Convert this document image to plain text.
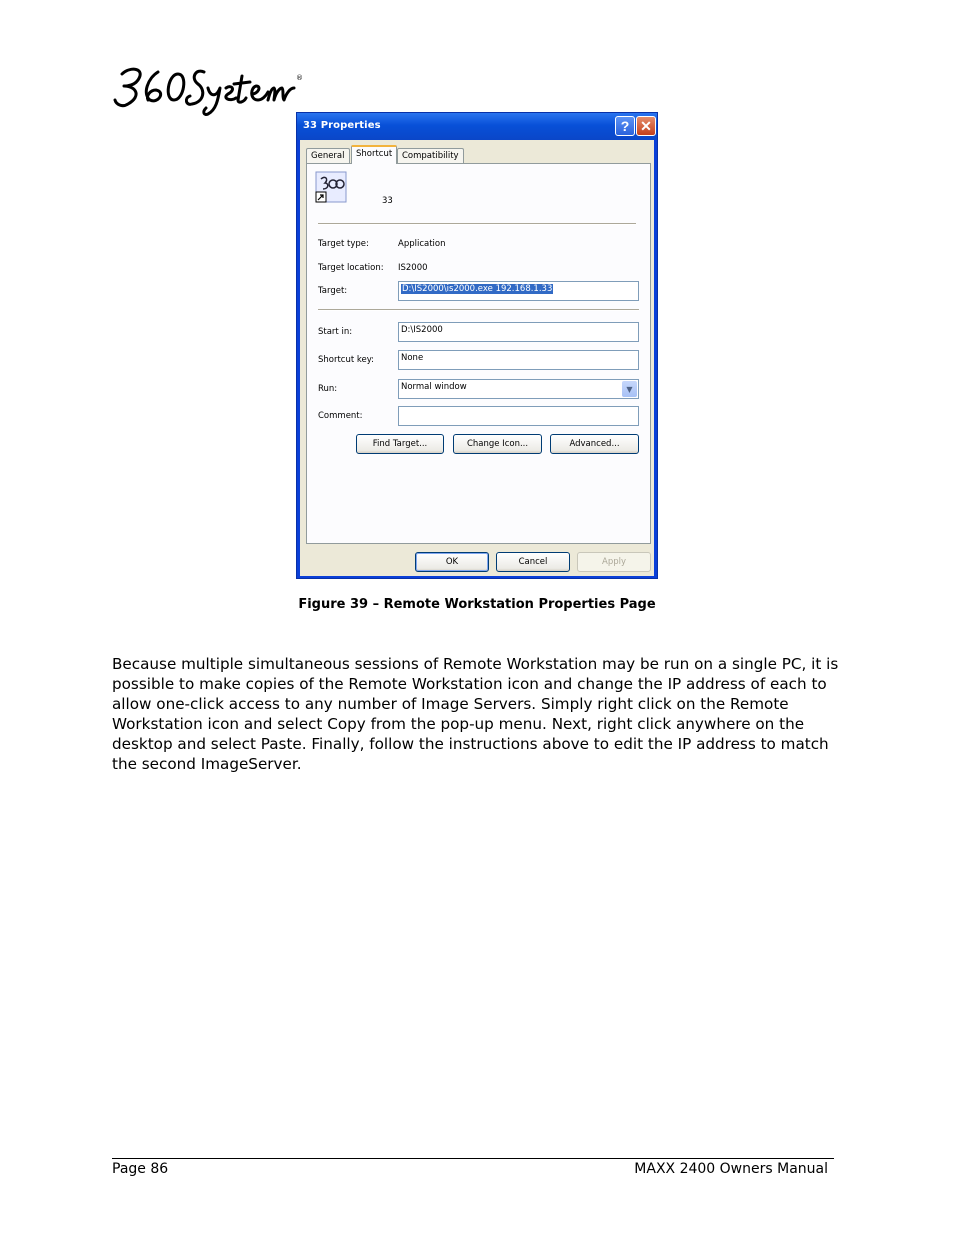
®
33 Properties	? ✕
General	Shortcut	Compatibility
33
Target type:	Application
Target location: IS2000
Target:	D:\IS2000\is2000.exe 192.168.1.33
Start in:	D:\IS2000
Shortcut key:	None
Run:	Normal window	▼
Comment:
Find Target...	Change Icon...	Advanced...
OK	Cancel	Apply
Figure 39 – Remote Workstation Properties Page
Because multiple simultaneous sessions of Remote Workstation may be run on a single PC, it is possible to make copies of the Remote Workstation icon and change the IP address of each to allow one-click access to any number of Image Servers. Simply right click on the Remote Workstation icon and select Copy from the pop-up menu. Next, right click anywhere on the desktop and select Paste. Finally, follow the instructions above to edit the IP address to match the second ImageServer.
Page 86	MAXX 2400 Owners Manual
